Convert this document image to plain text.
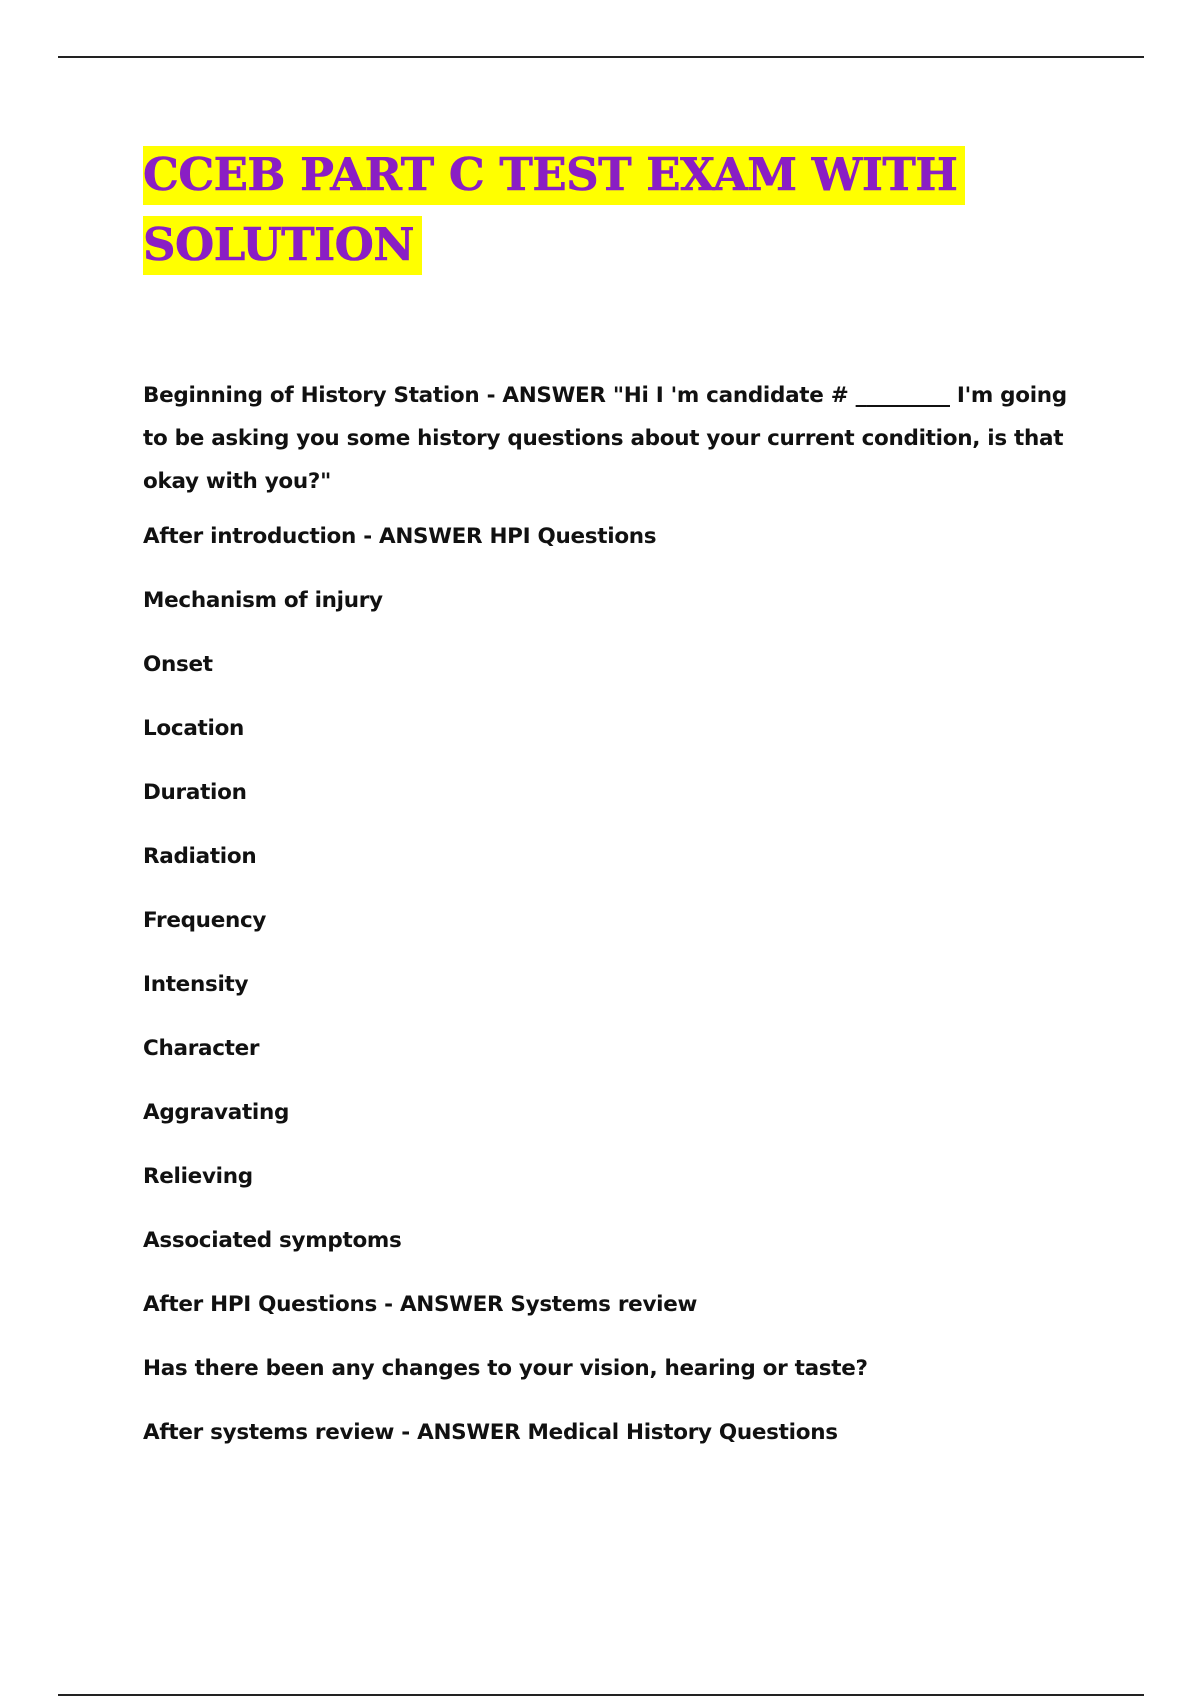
CCEB PART C TEST EXAM WITH SOLUTION
Beginning of History Station - ANSWER "Hi I 'm candidate # _________ I'm going to be asking you some history questions about your current condition, is that okay with you?"
After introduction - ANSWER HPI Questions
Mechanism of injury
Onset
Location
Duration
Radiation
Frequency
Intensity
Character
Aggravating
Relieving
Associated symptoms
After HPI Questions - ANSWER Systems review
Has there been any changes to your vision, hearing or taste?
After systems review - ANSWER Medical History Questions
